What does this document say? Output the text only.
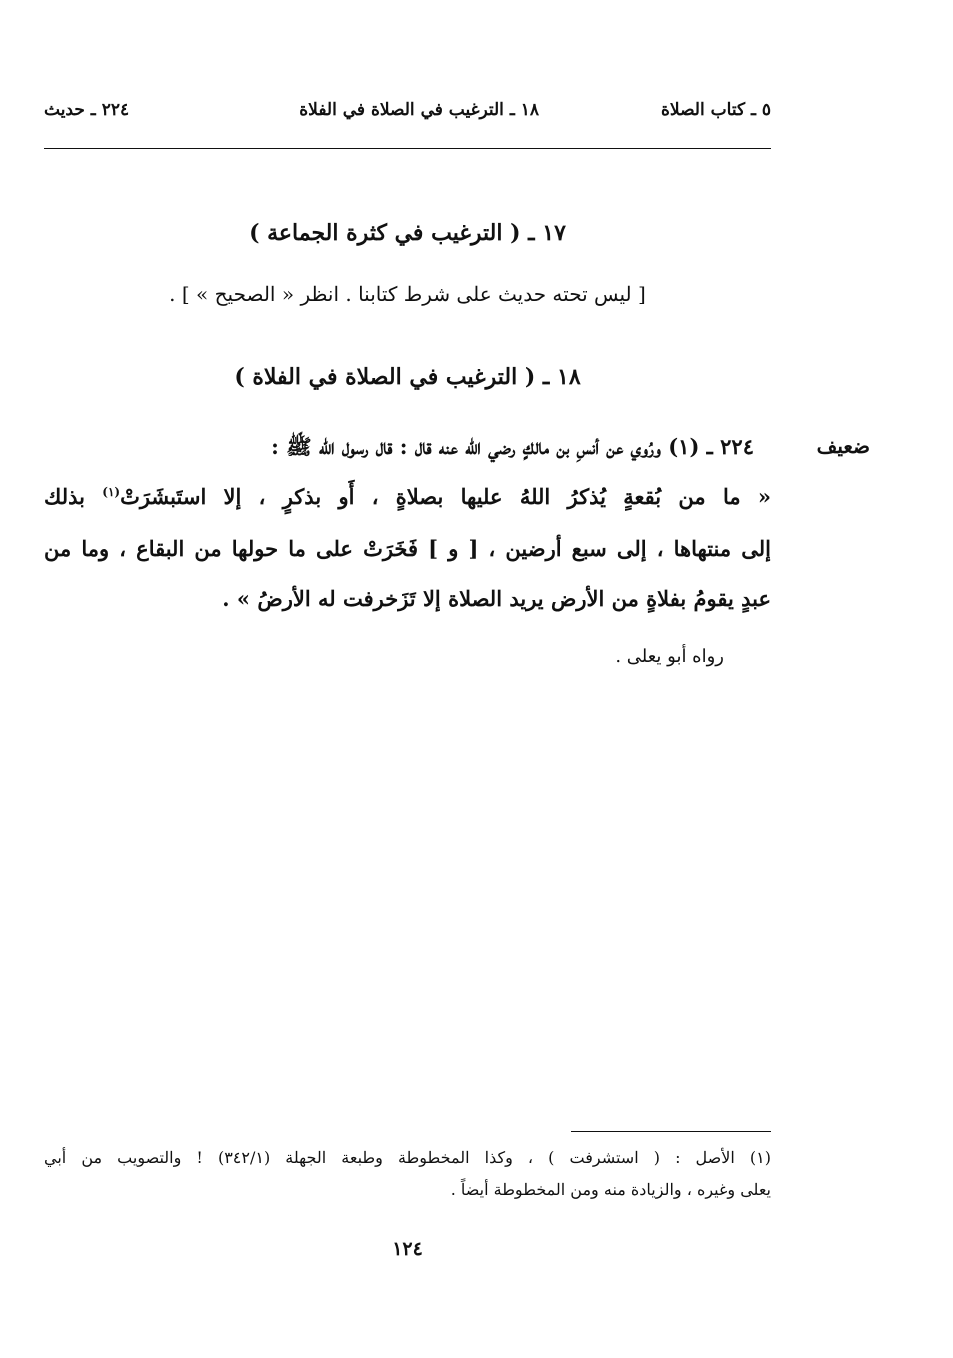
٥ ـ كتاب الصلاة
١٨ ـ الترغيب في الصلاة في الفلاة
٢٢٤ ـ حديث
١٧ ـ ( الترغيب في كثرة الجماعة )
[ ليس تحته حديث على شرط كتابنا . انظر « الصحيح » ] .
١٨ ـ ( الترغيب في الصلاة في الفلاة )
ضعيف
٢٢٤ ـ (١) ورُوي عن أنسِ بن مالكٍ رضي الله عنه قال : قال رسول الله ﷺ :
« ما من بُقعةٍ يُذكرُ اللهُ عليها بصلاةٍ ، أَو بذكرٍ ، إلا استَبشَرَتْ$^{(١)}$ بذلك
إلى منتهاها ، إلى سبع أرضين ، [ و ] فَخَرَتْ على ما حولها من البقاع ، وما من
عبدٍ يقومُ بفلاةٍ من الأرض يريد الصلاة إلا تَزَخرفت له الأرضُ » .
رواه أبو يعلى .
(١) الأصل : ( استشرفت ) ، وكذا المخطوطة وطبعة الجهلة (٣٤٢/١) ! والتصويب من أبي
يعلى وغيره ، والزيادة منه ومن المخطوطة أيضاً .
١٢٤
